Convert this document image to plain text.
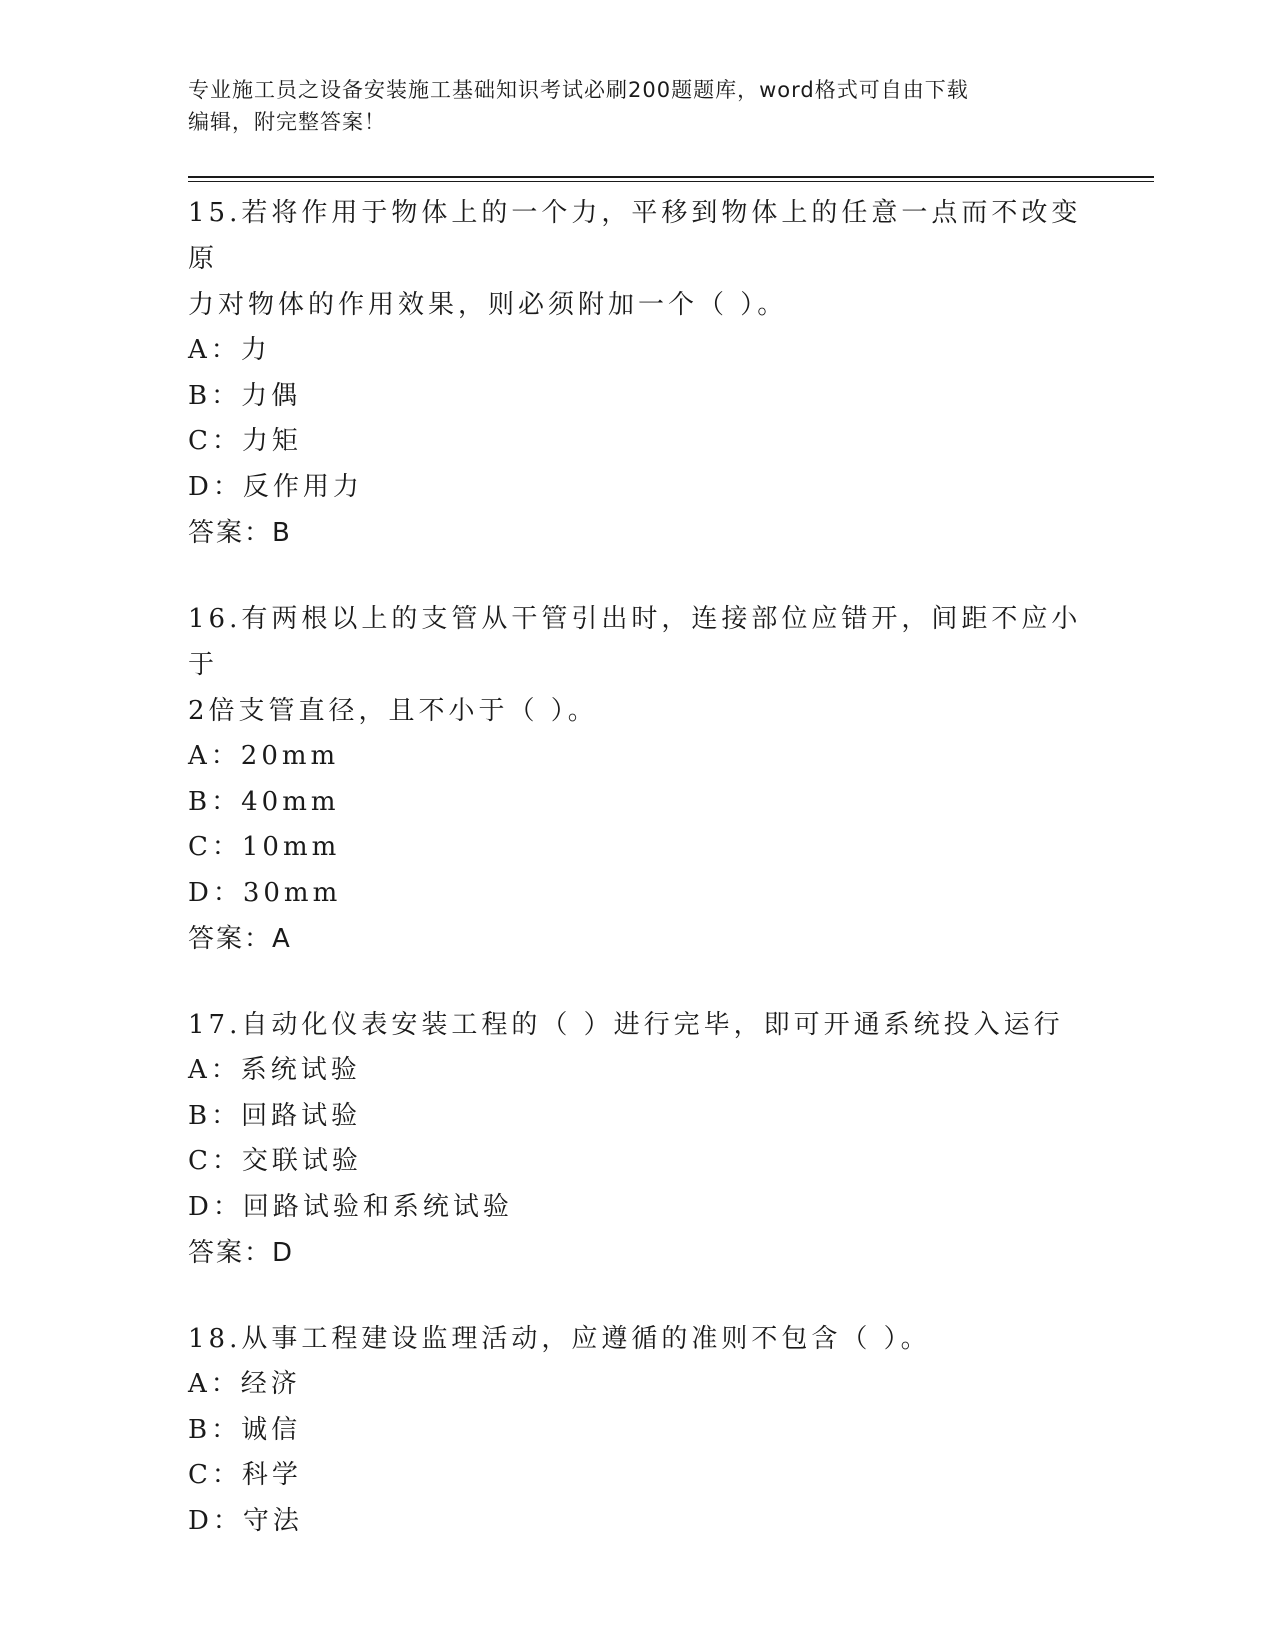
专业施工员之设备安装施工基础知识考试必刷200题题库，word格式可自由下载
编辑，附完整答案！

15.若将作用于物体上的一个力，平移到物体上的任意一点而不改变原

力对物体的作用效果，则必须附加一个（ ）。

A：力

B：力偶

C：力矩

D：反作用力

答案：B

16.有两根以上的支管从干管引出时，连接部位应错开，间距不应小于

2倍支管直径，且不小于（ ）。

A：20mm

B：40mm

C：10mm

D：30mm

答案：A

17.自动化仪表安装工程的（ ）进行完毕，即可开通系统投入运行

A：系统试验

B：回路试验

C：交联试验

D：回路试验和系统试验

答案：D

18.从事工程建设监理活动，应遵循的准则不包含（ ）。

A：经济

B：诚信

C：科学

D：守法
